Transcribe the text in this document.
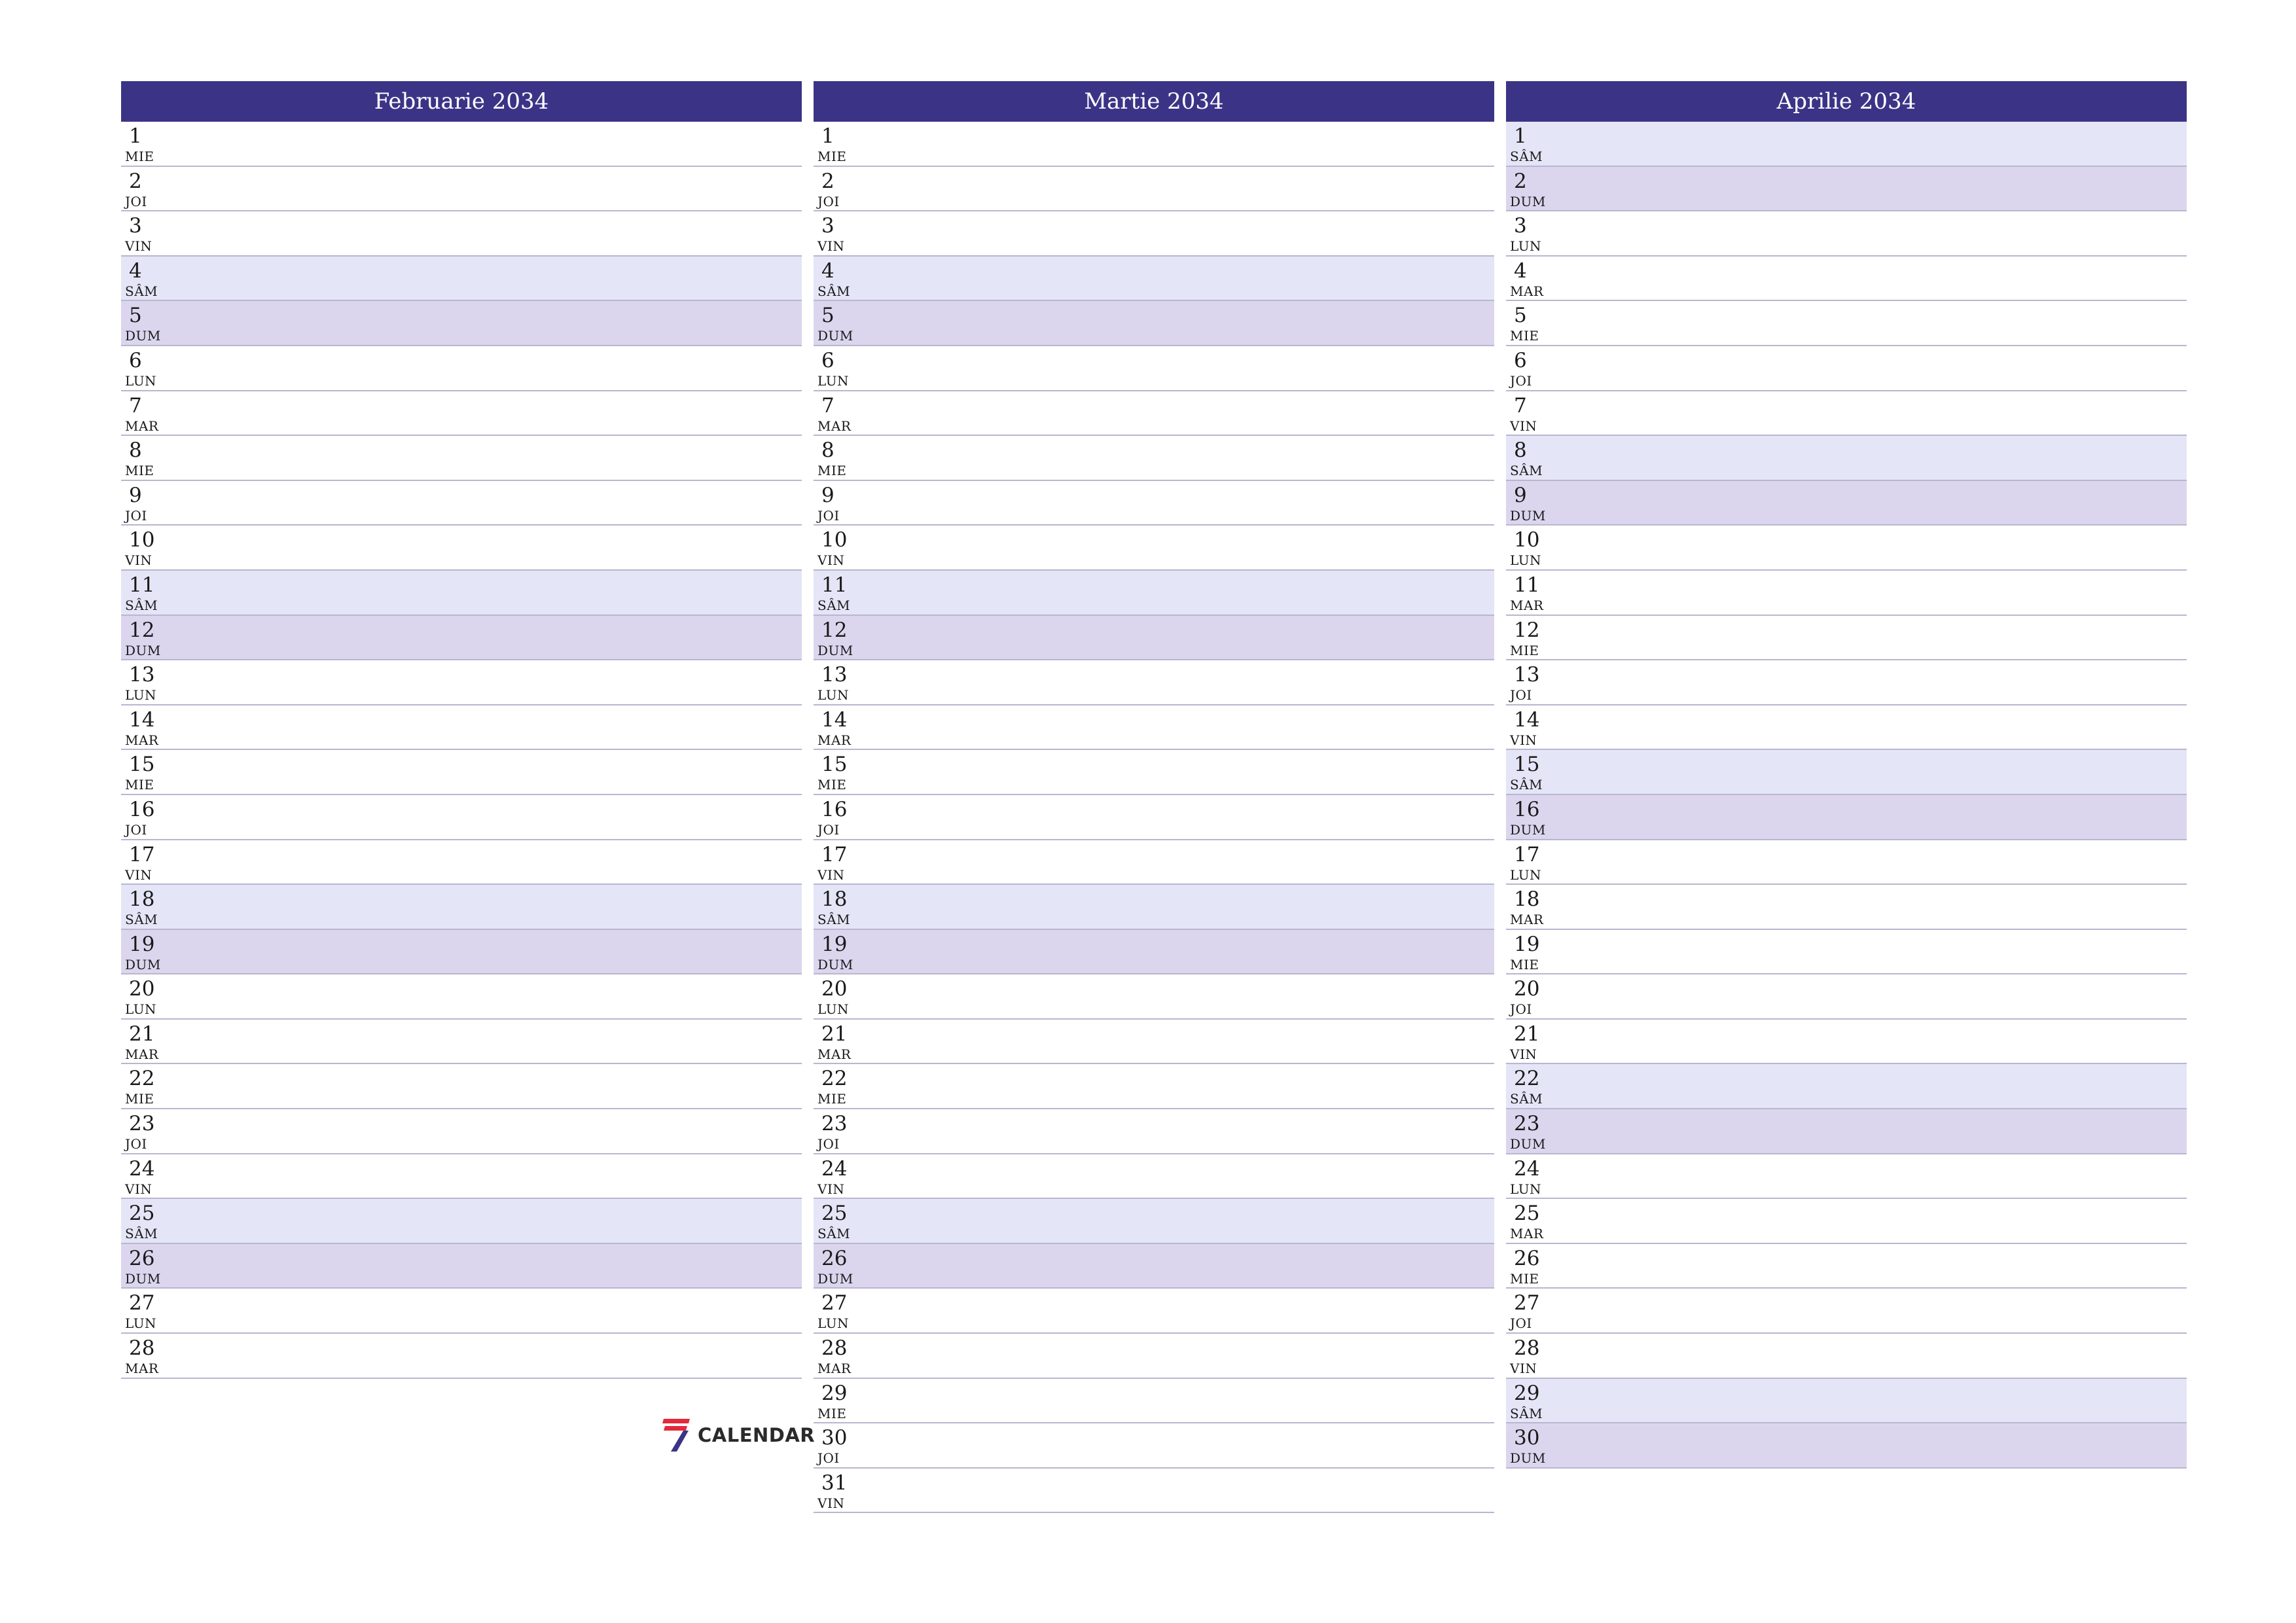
Februarie 2034
1
MIE
2
JOI
3
VIN
4
SÂM
5
DUM
6
LUN
7
MAR
8
MIE
9
JOI
10
VIN
11
SÂM
12
DUM
13
LUN
14
MAR
15
MIE
16
JOI
17
VIN
18
SÂM
19
DUM
20
LUN
21
MAR
22
MIE
23
JOI
24
VIN
25
SÂM
26
DUM
27
LUN
28
MAR
Martie 2034
1
MIE
2
JOI
3
VIN
4
SÂM
5
DUM
6
LUN
7
MAR
8
MIE
9
JOI
10
VIN
11
SÂM
12
DUM
13
LUN
14
MAR
15
MIE
16
JOI
17
VIN
18
SÂM
19
DUM
20
LUN
21
MAR
22
MIE
23
JOI
24
VIN
25
SÂM
26
DUM
27
LUN
28
MAR
29
MIE
30
JOI
31
VIN
Aprilie 2034
1
SÂM
2
DUM
3
LUN
4
MAR
5
MIE
6
JOI
7
VIN
8
SÂM
9
DUM
10
LUN
11
MAR
12
MIE
13
JOI
14
VIN
15
SÂM
16
DUM
17
LUN
18
MAR
19
MIE
20
JOI
21
VIN
22
SÂM
23
DUM
24
LUN
25
MAR
26
MIE
27
JOI
28
VIN
29
SÂM
30
DUM
CALENDAR
